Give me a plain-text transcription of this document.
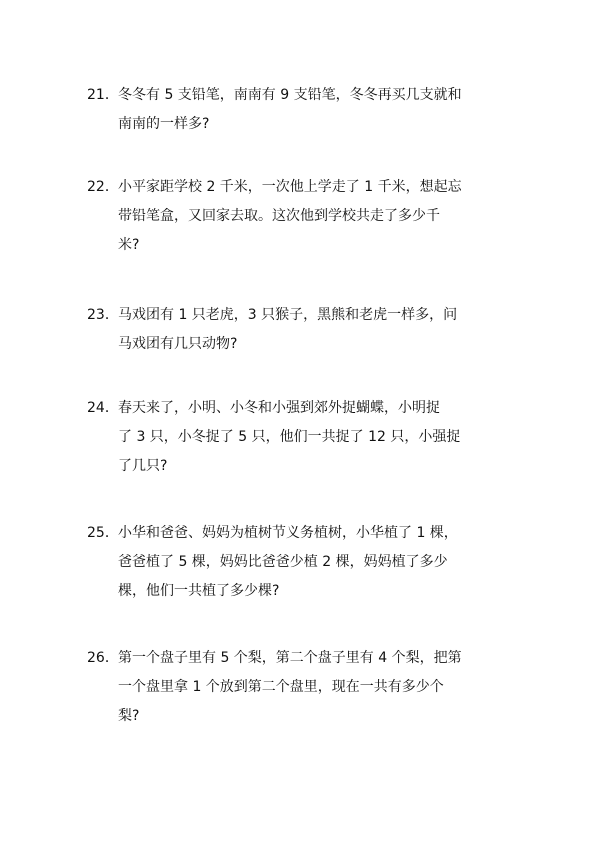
21． 冬冬有 5 支铅笔，南南有 9 支铅笔，冬冬再买几支就和
南南的一样多?
22． 小平家距学校 2 千米，一次他上学走了 1 千米，想起忘
带铅笔盒，又回家去取。这次他到学校共走了多少千
米?
23． 马戏团有 1 只老虎，3 只猴子，黑熊和老虎一样多，问
马戏团有几只动物?
24． 春天来了，小明、小冬和小强到郊外捉蝴蝶，小明捉
了 3 只，小冬捉了 5 只，他们一共捉了 12 只，小强捉
了几只?
25． 小华和爸爸、妈妈为植树节义务植树，小华植了 1 棵，
爸爸植了 5 棵，妈妈比爸爸少植 2 棵，妈妈植了多少
棵，他们一共植了多少棵?
26． 第一个盘子里有 5 个梨，第二个盘子里有 4 个梨，把第
一个盘里拿 1 个放到第二个盘里，现在一共有多少个
梨?
